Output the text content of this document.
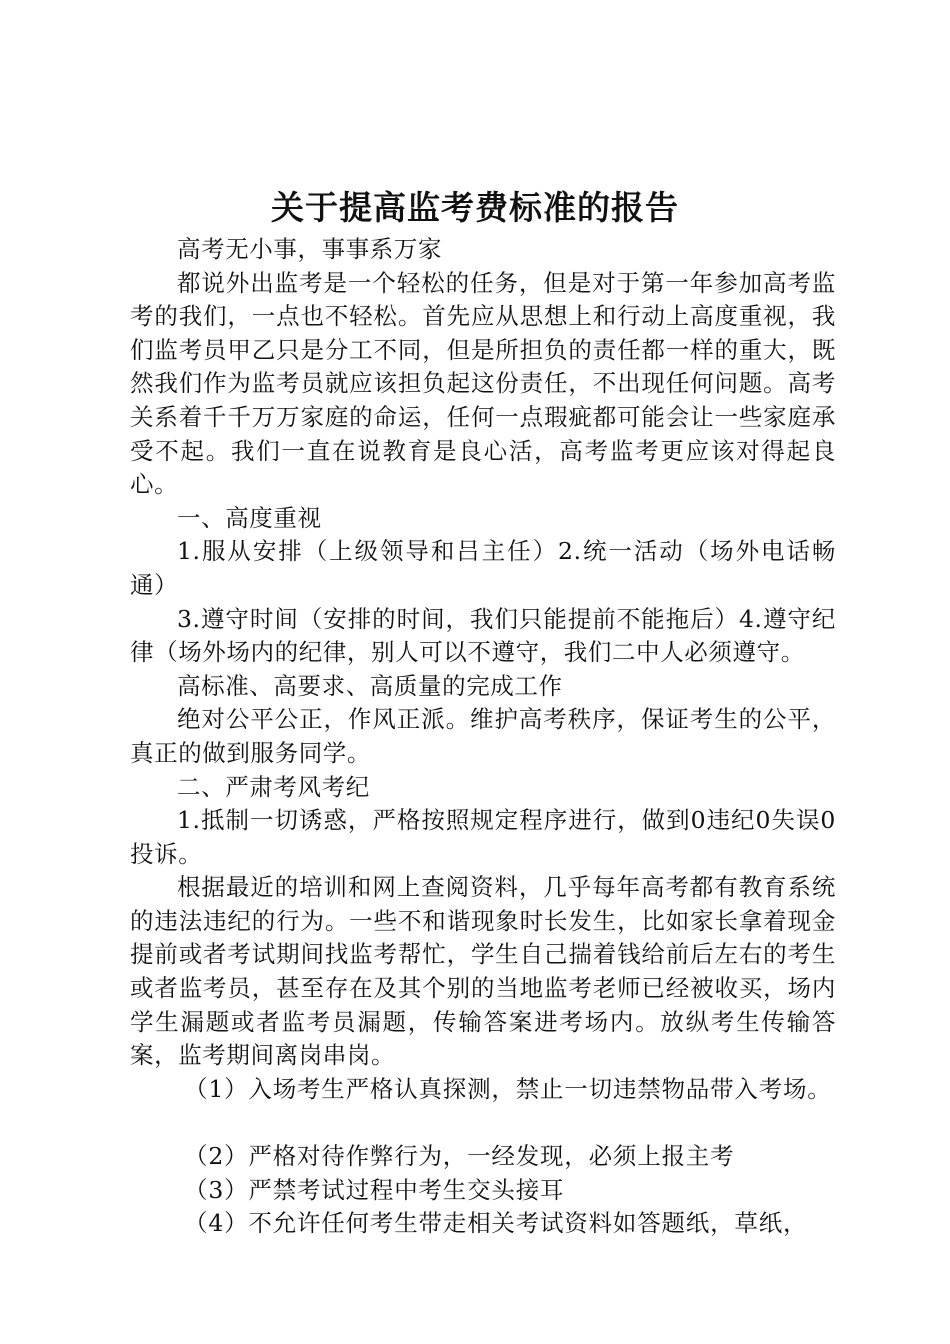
关于提高监考费标准的报告

高考无小事，事事系万家

都说外出监考是一个轻松的任务，但是对于第一年参加高考监考的我们，一点也不轻松。首先应从思想上和行动上高度重视，我们监考员甲乙只是分工不同，但是所担负的责任都一样的重大，既然我们作为监考员就应该担负起这份责任，不出现任何问题。高考关系着千千万万家庭的命运，任何一点瑕疵都可能会让一些家庭承受不起。我们一直在说教育是良心活，高考监考更应该对得起良心。

一、高度重视

1.服从安排（上级领导和吕主任）2.统一活动（场外电话畅通）

3.遵守时间（安排的时间，我们只能提前不能拖后）4.遵守纪律（场外场内的纪律，别人可以不遵守，我们二中人必须遵守。

高标准、高要求、高质量的完成工作

绝对公平公正，作风正派。维护高考秩序，保证考生的公平，真正的做到服务同学。

二、严肃考风考纪

1.抵制一切诱惑，严格按照规定程序进行，做到0违纪0失误0投诉。

根据最近的培训和网上查阅资料，几乎每年高考都有教育系统的违法违纪的行为。一些不和谐现象时长发生，比如家长拿着现金提前或者考试期间找监考帮忙，学生自己揣着钱给前后左右的考生或者监考员，甚至存在及其个别的当地监考老师已经被收买，场内学生漏题或者监考员漏题，传输答案进考场内。放纵考生传输答案，监考期间离岗串岗。

（1）入场考生严格认真探测，禁止一切违禁物品带入考场。

（2）严格对待作弊行为，一经发现，必须上报主考

（3）严禁考试过程中考生交头接耳

（4）不允许任何考生带走相关考试资料如答题纸，草纸，
